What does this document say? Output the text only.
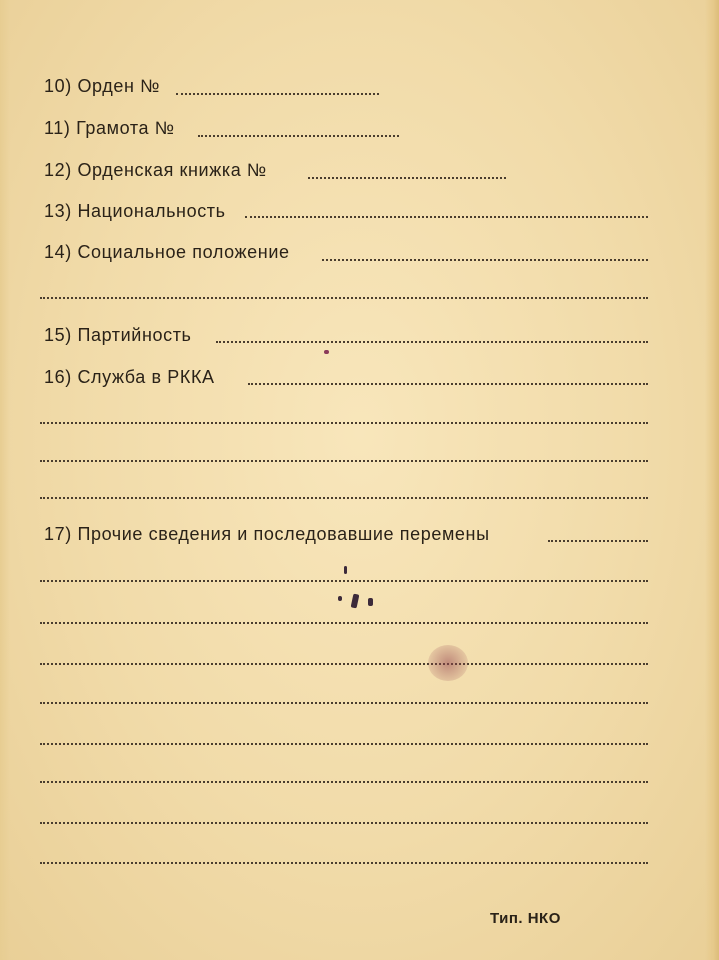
10) Орден №
11) Грамота №
12) Орденская книжка №
13) Национальность
14) Социальное положение
15) Партийность
16) Служба в РККА
17) Прочие сведения и последовавшие перемены
Тип. НКО
